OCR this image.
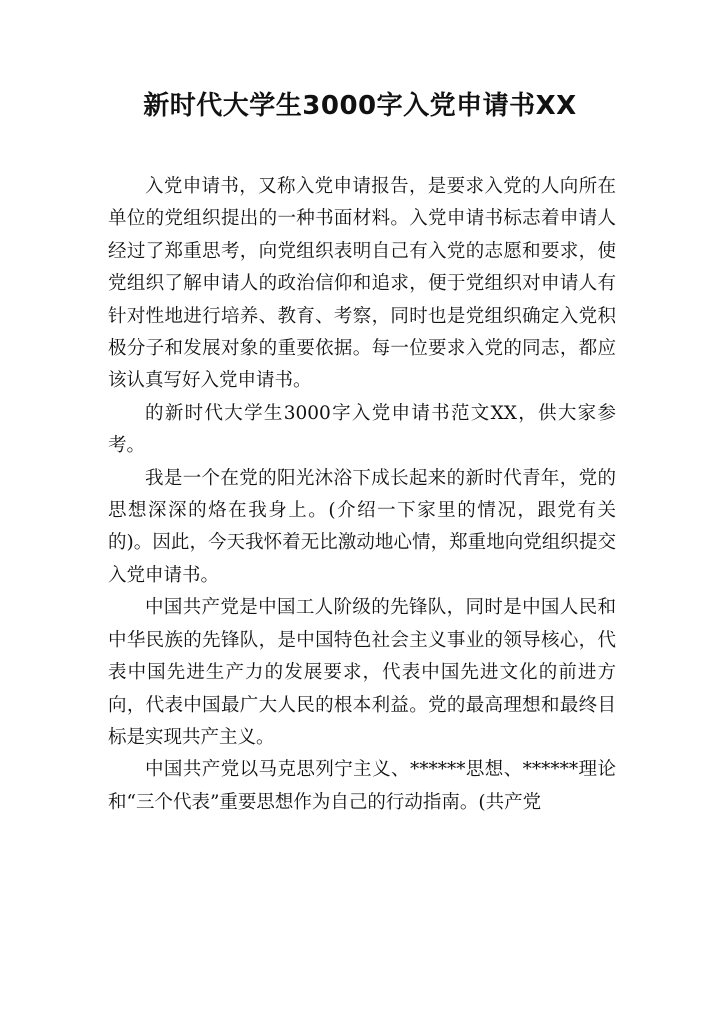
新时代大学生3000字入党申请书XX

入党申请书，又称入党申请报告，是要求入党的人向所在单位的党组织提出的一种书面材料。入党申请书标志着申请人经过了郑重思考，向党组织表明自己有入党的志愿和要求，使党组织了解申请人的政治信仰和追求，便于党组织对申请人有针对性地进行培养、教育、考察，同时也是党组织确定入党积极分子和发展对象的重要依据。每一位要求入党的同志，都应该认真写好入党申请书。

的新时代大学生3000字入党申请书范文XX，供大家参考。

我是一个在党的阳光沐浴下成长起来的新时代青年，党的思想深深的烙在我身上。(介绍一下家里的情况，跟党有关的)。因此，今天我怀着无比激动地心情，郑重地向党组织提交入党申请书。

中国共产党是中国工人阶级的先锋队，同时是中国人民和中华民族的先锋队，是中国特色社会主义事业的领导核心，代表中国先进生产力的发展要求，代表中国先进文化的前进方向，代表中国最广大人民的根本利益。党的最高理想和最终目标是实现共产主义。

中国共产党以马克思列宁主义、******思想、******理论和“三个代表”重要思想作为自己的行动指南。(共产党
